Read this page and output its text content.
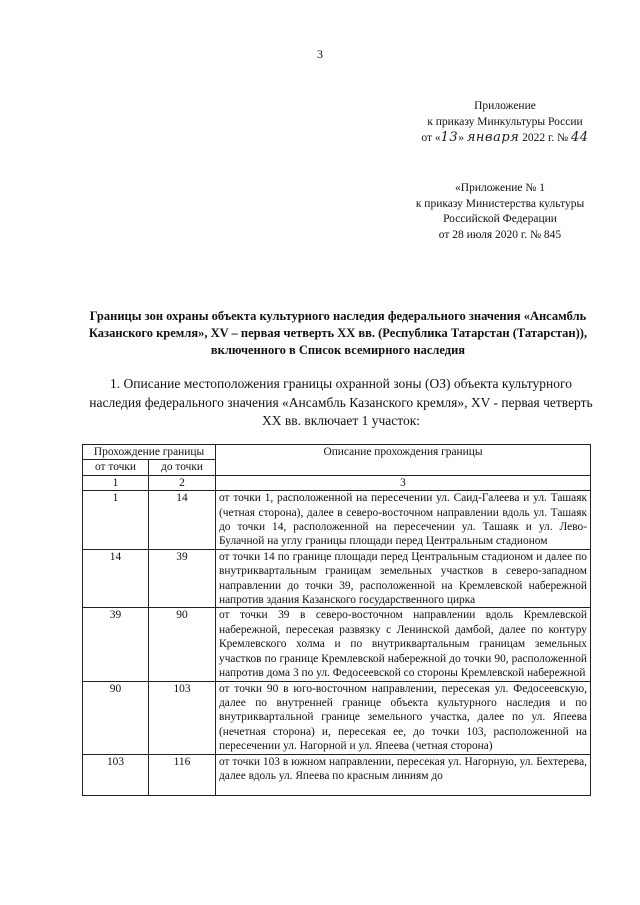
3
Приложение
к приказу Минкультуры России
от «13» января 2022 г. № 44
«Приложение № 1
к приказу Министерства культуры
Российской Федерации
от 28 июля 2020 г. № 845
Границы зон охраны объекта культурного наследия федерального значения «Ансамбль Казанского кремля», XV – первая четверть XX вв. (Республика Татарстан (Татарстан)), включенного в Список всемирного наследия
1. Описание местоположения границы охранной зоны (ОЗ) объекта культурного наследия федерального значения «Ансамбль Казанского кремля», XV - первая четверть XX вв. включает 1 участок:
Прохождение границы		Описание прохождения границы
от точки	до точки	
1	2	3
1	14	от точки 1, расположенной на пересечении ул. Саид-Галеева и ул. Ташаяк (четная сторона), далее в северо-восточном направлении вдоль ул. Ташаяк до точки 14, расположенной на пересечении ул. Ташаяк и ул. Лево-Булачной на углу границы площади перед Центральным стадионом
14	39	от точки 14 по границе площади перед Центральным стадионом и далее по внутриквартальным границам земельных участков в северо-западном направлении до точки 39, расположенной на Кремлевской набережной напротив здания Казанского государственного цирка
39	90	от точки 39 в северо-восточном направлении вдоль Кремлевской набережной, пересекая развязку с Ленинской дамбой, далее по контуру Кремлевского холма и по внутриквартальным границам земельных участков по границе Кремлевской набережной до точки 90, расположенной напротив дома 3 по ул. Федосеевской со стороны Кремлевской набережной
90	103	от точки 90 в юго-восточном направлении, пересекая ул. Федосеевскую, далее по внутренней границе объекта культурного наследия и по внутриквартальной границе земельного участка, далее по ул. Япеева (нечетная сторона) и, пересекая ее, до точки 103, расположенной на пересечении ул. Нагорной и ул. Япеева (четная сторона)
103	116	от точки 103 в южном направлении, пересекая ул. Нагорную, ул. Бехтерева, далее вдоль ул. Япеева по красным линиям до
